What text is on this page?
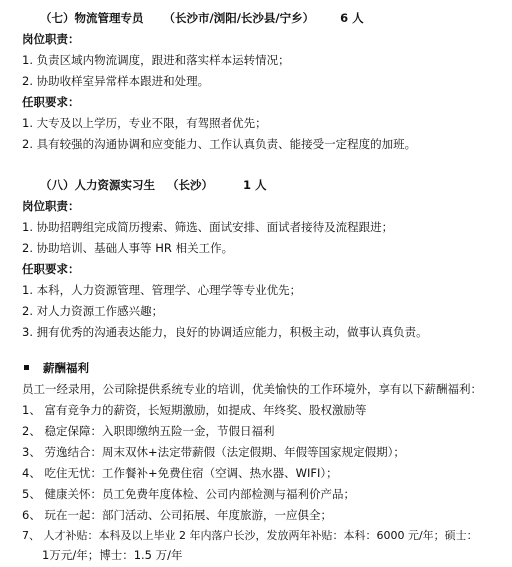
（七）物流管理专员 （长沙市/浏阳/长沙县/宁乡） 6 人
岗位职责：
1. 负责区域内物流调度，跟进和落实样本运转情况；
2. 协助收样室异常样本跟进和处理。
任职要求：
1. 大专及以上学历，专业不限，有驾照者优先；
2. 具有较强的沟通协调和应变能力、工作认真负责、能接受一定程度的加班。
（八）人力资源实习生 （长沙）	1 人
岗位职责：
1. 协助招聘组完成简历搜索、筛选、面试安排、面试者接待及流程跟进；
2. 协助培训、基础人事等 HR 相关工作。
任职要求：
1. 本科，人力资源管理、管理学、心理学等专业优先；
2. 对人力资源工作感兴趣；
3. 拥有优秀的沟通表达能力，良好的协调适应能力，积极主动，做事认真负责。
薪酬福利
员工一经录用，公司除提供系统专业的培训，优美愉快的工作环境外，享有以下薪酬福利：
1、 富有竞争力的薪资，长短期激励，如提成、年终奖、股权激励等
2、 稳定保障：入职即缴纳五险一金，节假日福利
3、 劳逸结合：周末双休+法定带薪假（法定假期、年假等国家规定假期）；
4、 吃住无忧：工作餐补+免费住宿（空调、热水器、WIFI）；
5、 健康关怀：员工免费年度体检、公司内部检测与福利价产品；
6、 玩在一起：部门活动、公司拓展、年度旅游，一应俱全；
7、 人才补贴：本科及以上毕业 2 年内落户长沙，发放两年补贴：本科：6000 元/年；硕士：
1万元/年；博士：1.5 万/年
